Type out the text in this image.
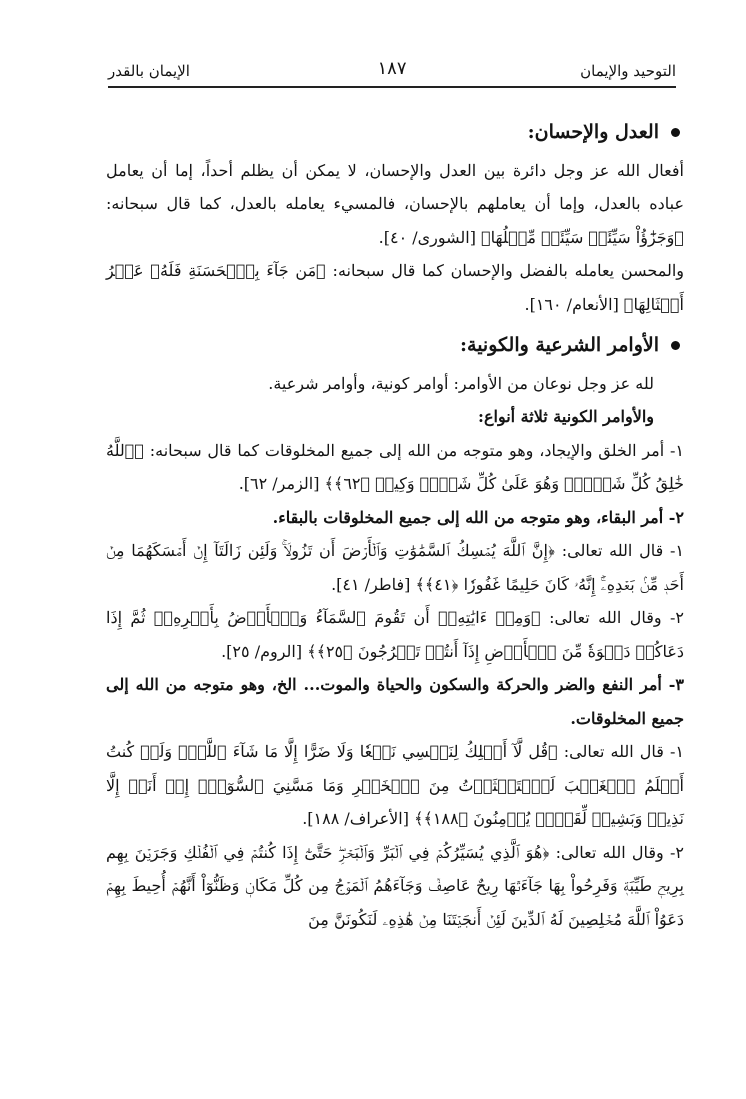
التوحيد والإيمان
١٨٧
الإيمان بالقدر
العدل والإحسان:

أفعال الله عز وجل دائرة بين العدل والإحسان، لا يمكن أن يظلم أحداً، إما أن يعامل عباده بالعدل، وإما أن يعاملهم بالإحسان، فالمسيء يعامله بالعدل، كما قال سبحانه: ﴿وَجَزَٰٓؤُاْ سَيِّئَةٖ سَيِّئَةٞ مِّثۡلُهَا﴾ [الشورى/ ٤٠].

والمحسن يعامله بالفضل والإحسان كما قال سبحانه: ﴿مَن جَآءَ بِٱلۡحَسَنَةِ فَلَهُۥ عَشۡرُ أَمۡثَالِهَا﴾ [الأنعام/ ١٦٠].

الأوامر الشرعية والكونية:

لله عز وجل نوعان من الأوامر: أوامر كونية، وأوامر شرعية.

والأوامر الكونية ثلاثة أنواع:

١- أمر الخلق والإيجاد، وهو متوجه من الله إلى جميع المخلوقات كما قال سبحانه: ﴿ٱللَّهُ خَٰلِقُ كُلِّ شَيۡءٖۖ وَهُوَ عَلَىٰ كُلِّ شَيۡءٖ وَكِيلٞ ﴿٦٢﴾﴾ [الزمر/ ٦٢].

٢- أمر البقاء، وهو متوجه من الله إلى جميع المخلوقات بالبقاء.

١- قال الله تعالى: ﴿إِنَّ ٱللَّهَ يُمۡسِكُ ٱلسَّمَٰوَٰتِ وَٱلۡأَرۡضَ أَن تَزُولَاۚ وَلَئِن زَالَتَآ إِنۡ أَمۡسَكَهُمَا مِنۡ أَحَدٖ مِّنۢ بَعۡدِهِۦٓۚ إِنَّهُۥ كَانَ حَلِيمًا غَفُورٗا ﴿٤١﴾﴾ [فاطر/ ٤١].

٢- وقال الله تعالى: ﴿وَمِنۡ ءَايَٰتِهِۦٓ أَن تَقُومَ ٱلسَّمَآءُ وَٱلۡأَرۡضُ بِأَمۡرِهِۦۚ ثُمَّ إِذَا دَعَاكُمۡ دَعۡوَةٗ مِّنَ ٱلۡأَرۡضِ إِذَآ أَنتُمۡ تَخۡرُجُونَ ﴿٢٥﴾﴾ [الروم/ ٢٥].

٣- أمر النفع والضر والحركة والسكون والحياة والموت... الخ، وهو متوجه من الله إلى جميع المخلوقات.

١- قال الله تعالى: ﴿قُل لَّآ أَمۡلِكُ لِنَفۡسِي نَفۡعٗا وَلَا ضَرًّا إِلَّا مَا شَآءَ ٱللَّهُۚ وَلَوۡ كُنتُ أَعۡلَمُ ٱلۡغَيۡبَ لَٱسۡتَكۡثَرۡتُ مِنَ ٱلۡخَيۡرِ وَمَا مَسَّنِيَ ٱلسُّوٓءُۚ إِنۡ أَنَا۠ إِلَّا نَذِيرٞ وَبَشِيرٞ لِّقَوۡمٖ يُؤۡمِنُونَ ﴿١٨٨﴾﴾ [الأعراف/ ١٨٨].

٢- وقال الله تعالى: ﴿هُوَ ٱلَّذِي يُسَيِّرُكُمۡ فِي ٱلۡبَرِّ وَٱلۡبَحۡرِۖ حَتَّىٰٓ إِذَا كُنتُمۡ فِي ٱلۡفُلۡكِ وَجَرَيۡنَ بِهِم بِرِيحٖ طَيِّبَةٖ وَفَرِحُواْ بِهَا جَآءَتۡهَا رِيحٌ عَاصِفٞ وَجَآءَهُمُ ٱلۡمَوۡجُ مِن كُلِّ مَكَانٖ وَظَنُّوٓاْ أَنَّهُمۡ أُحِيطَ بِهِمۡ دَعَوُاْ ٱللَّهَ مُخۡلِصِينَ لَهُ ٱلدِّينَ لَئِنۡ أَنجَيۡتَنَا مِنۡ هَٰذِهِۦ لَنَكُونَنَّ مِنَ
